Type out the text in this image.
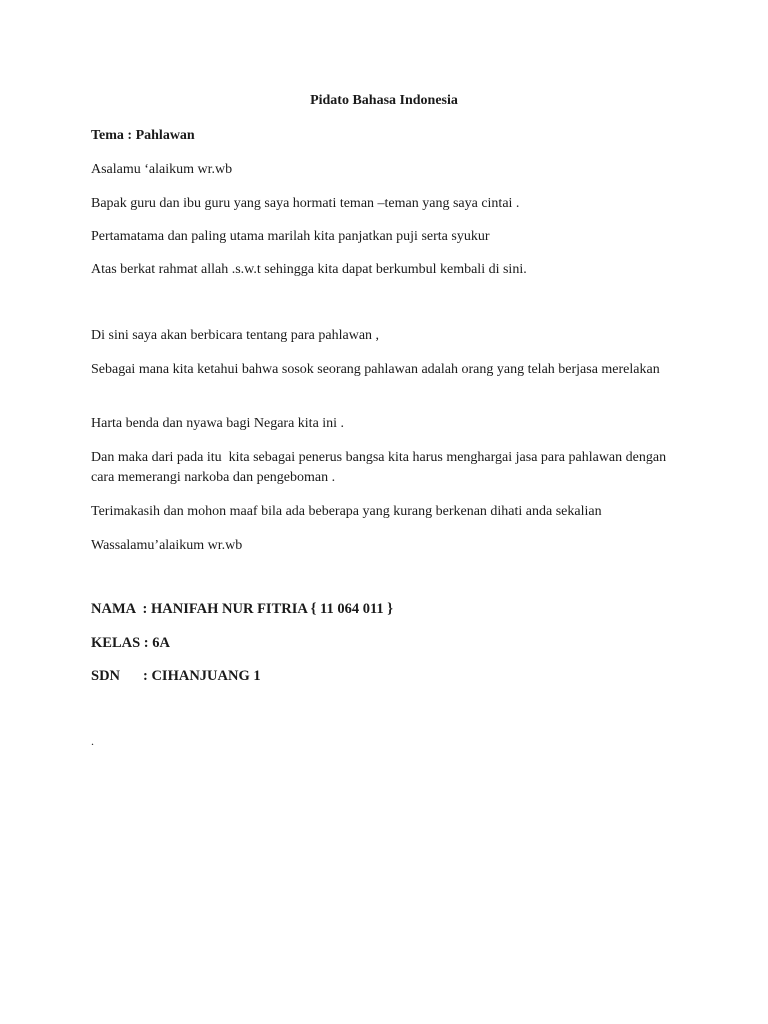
Pidato Bahasa Indonesia
Tema : Pahlawan
Asalamu ‘alaikum wr.wb
Bapak guru dan ibu guru yang saya hormati teman –teman yang saya cintai .
Pertamatama dan paling utama marilah kita panjatkan puji serta syukur
Atas berkat rahmat allah .s.w.t sehingga kita dapat berkumbul kembali di sini.
Di sini saya akan berbicara tentang para pahlawan ,
Sebagai mana kita ketahui bahwa sosok seorang pahlawan adalah orang yang telah berjasa merelakan
Harta benda dan nyawa bagi Negara kita ini .
Dan maka dari pada itu  kita sebagai penerus bangsa kita harus menghargai jasa para pahlawan dengan cara memerangi narkoba dan pengeboman .
Terimakasih dan mohon maaf bila ada beberapa yang kurang berkenan dihati anda sekalian
Wassalamu’alaikum wr.wb
NAMA  : HANIFAH NUR FITRIA { 11 064 011 }
KELAS : 6A
SDN : CIHANJUANG 1
.
